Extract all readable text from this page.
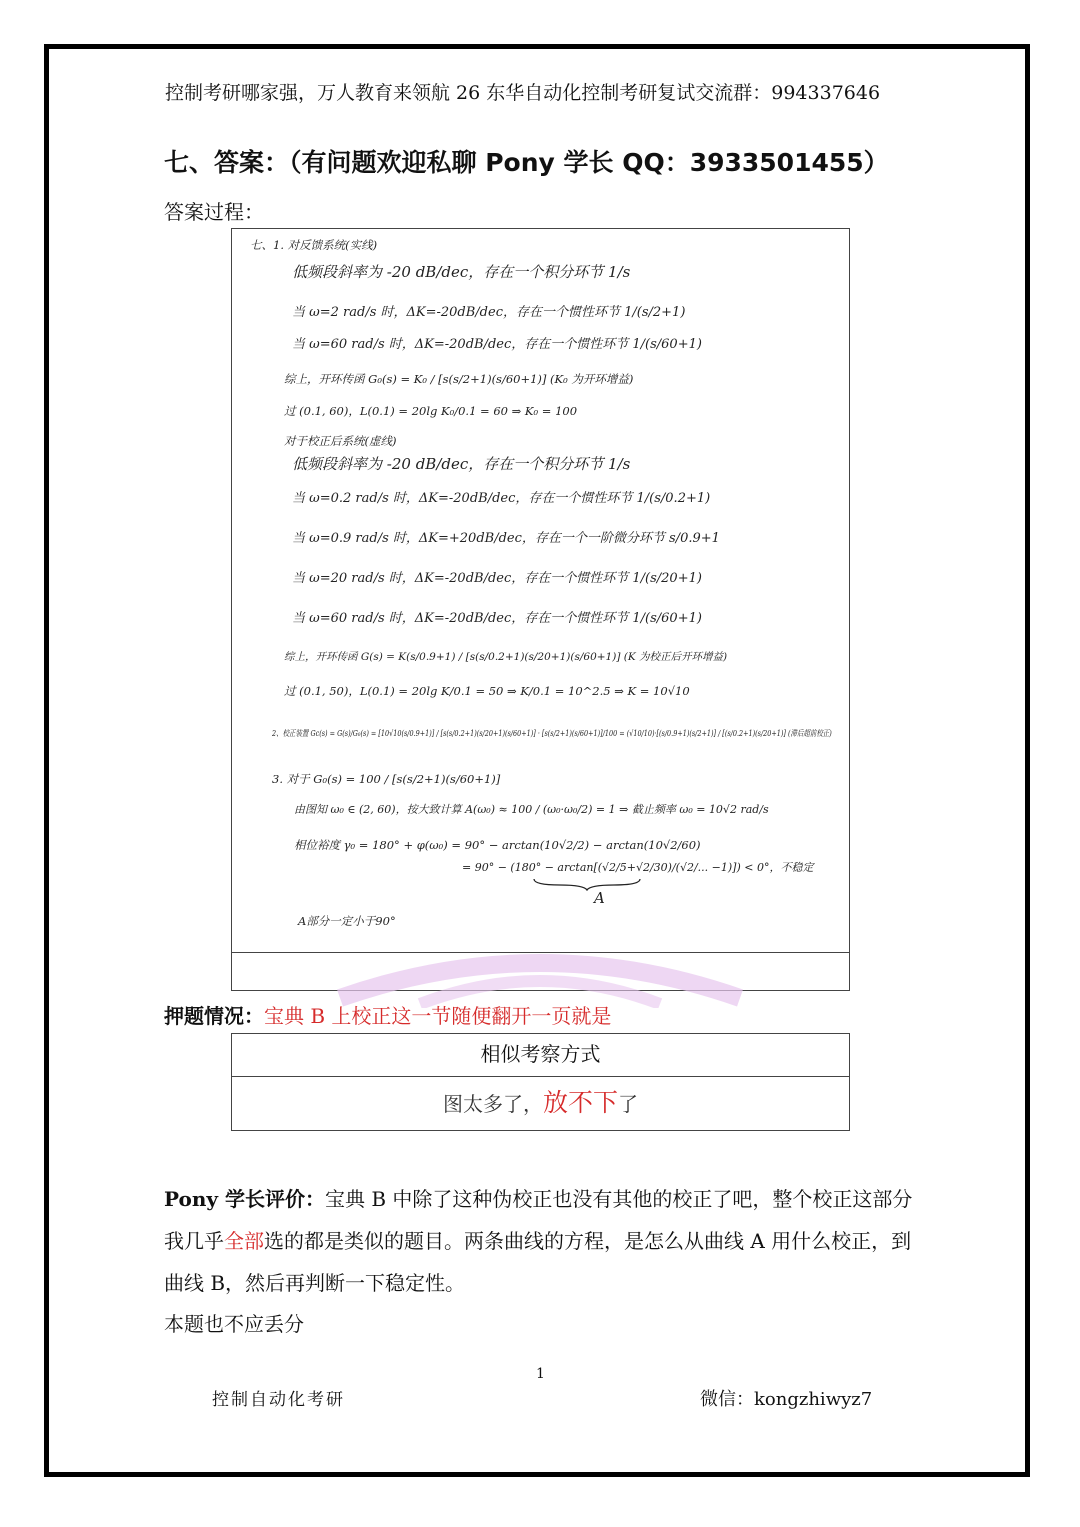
控制考研哪家强，万人教育来领航 26 东华自动化控制考研复试交流群：994337646
七、答案：（有问题欢迎私聊 Pony 学长 QQ：3933501455）
答案过程：
七、1. 对反馈系统(实线)
低频段斜率为 -20 dB/dec，存在一个积分环节 1/s
当 ω=2 rad/s 时，ΔK=-20dB/dec，存在一个惯性环节 1/(s/2+1)
当 ω=60 rad/s 时，ΔK=-20dB/dec，存在一个惯性环节 1/(s/60+1)
综上，开环传函 G₀(s) = K₀ / [s(s/2+1)(s/60+1)] (K₀ 为开环增益)
过 (0.1, 60)，L(0.1) = 20lg K₀/0.1 = 60 ⇒ K₀ = 100
对于校正后系统(虚线)
低频段斜率为 -20 dB/dec，存在一个积分环节 1/s
当 ω=0.2 rad/s 时，ΔK=-20dB/dec，存在一个惯性环节 1/(s/0.2+1)
当 ω=0.9 rad/s 时，ΔK=+20dB/dec，存在一个一阶微分环节 s/0.9+1
当 ω=20 rad/s 时，ΔK=-20dB/dec，存在一个惯性环节 1/(s/20+1)
当 ω=60 rad/s 时，ΔK=-20dB/dec，存在一个惯性环节 1/(s/60+1)
综上，开环传函 G(s) = K(s/0.9+1) / [s(s/0.2+1)(s/20+1)(s/60+1)] (K 为校正后开环增益)
过 (0.1, 50)，L(0.1) = 20lg K/0.1 = 50 ⇒ K/0.1 = 10^2.5 ⇒ K = 10√10
2、校正装置 Gc(s) = G(s)/G₀(s) = [10√10(s/0.9+1)] / [s(s/0.2+1)(s/20+1)(s/60+1)] · [s(s/2+1)(s/60+1)]/100 = (√10/10)·[(s/0.9+1)(s/2+1)] / [(s/0.2+1)(s/20+1)] (滞后超前校正)
3. 对于 G₀(s) = 100 / [s(s/2+1)(s/60+1)]
由图知 ω₀ ∈ (2, 60)，按大致计算 A(ω₀) ≈ 100 / (ω₀·ω₀/2) = 1 ⇒ 截止频率 ω₀ = 10√2 rad/s
相位裕度 γ₀ = 180° + φ(ω₀) = 90° − arctan(10√2/2) − arctan(10√2/60)
= 90° − (180° − arctan[(√2/5+√2/30)/(√2/... −1)]) < 0°，不稳定
A
A部分一定小于90°
押题情况：宝典 B 上校正这一节随便翻开一页就是
相似考察方式
图太多了，放不下了
Pony 学长评价：宝典 B 中除了这种伪校正也没有其他的校正了吧，整个校正这部分我几乎全部选的都是类似的题目。两条曲线的方程，是怎么从曲线 A 用什么校正，到曲线 B，然后再判断一下稳定性。
本题也不应丢分
1
控制自动化考研	微信：kongzhiwyz7
